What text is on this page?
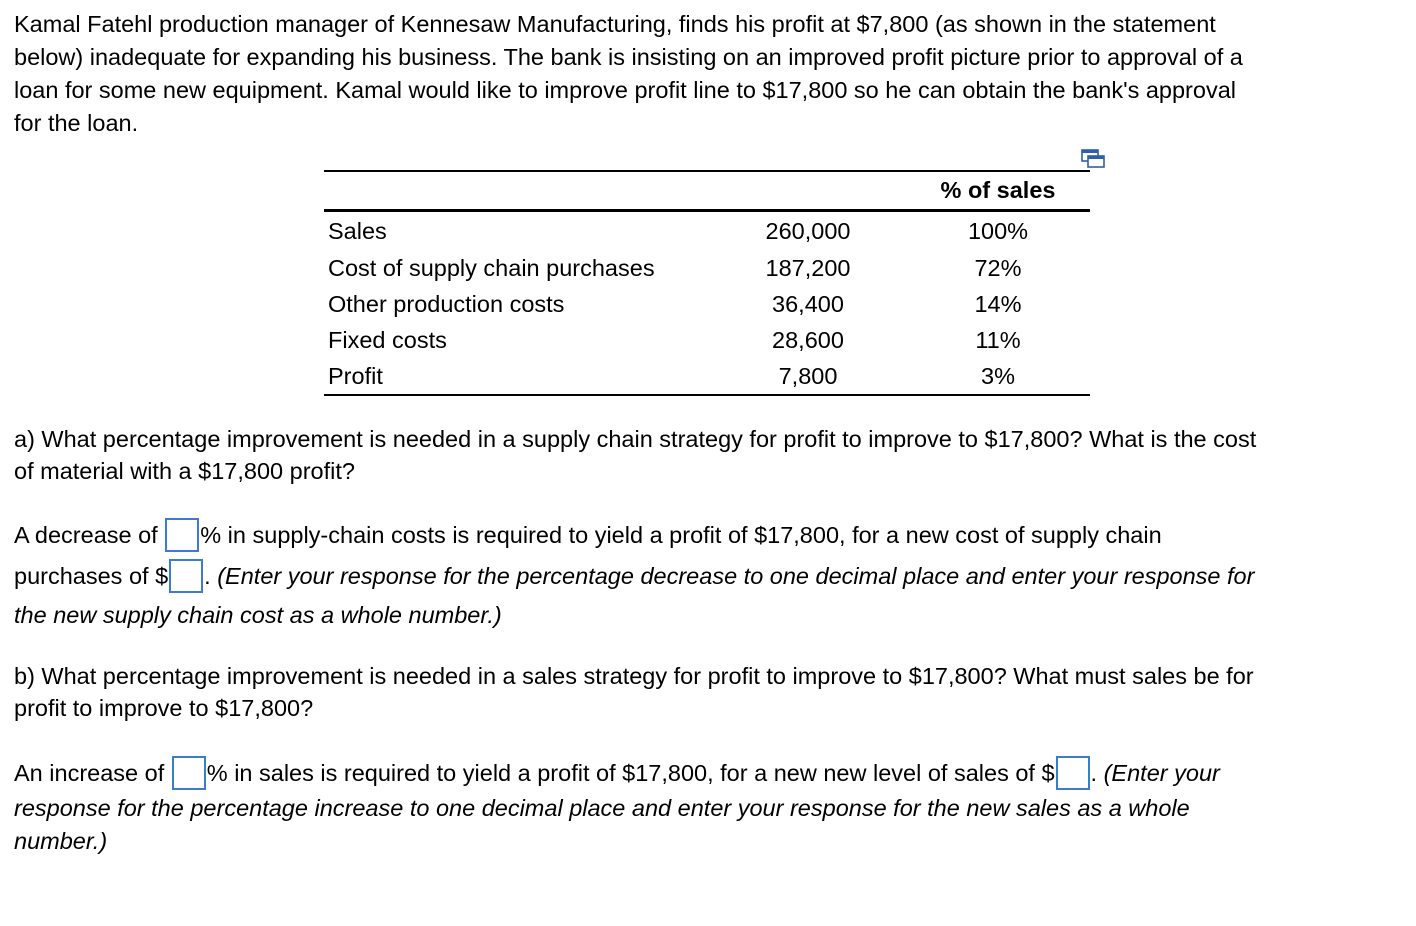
Kamal Fatehl production manager of Kennesaw Manufacturing, finds his profit at $7,800 (as shown in the statement
below) inadequate for expanding his business. The bank is insisting on an improved profit picture prior to approval of a
loan for some new equipment. Kamal would like to improve profit line to $17,800 so he can obtain the bank's approval
for the loan.
% of sales
Sales	260,000	100%
Cost of supply chain purchases	187,200	72%
Other production costs	36,400	14%
Fixed costs	28,600	11%
Profit	7,800	3%
a) What percentage improvement is needed in a supply chain strategy for profit to improve to $17,800? What is the cost
of material with a $17,800 profit?
A decrease of % in supply-chain costs is required to yield a profit of $17,800, for a new cost of supply chain
purchases of $ . (Enter your response for the percentage decrease to one decimal place and enter your response for
the new supply chain cost as a whole number.)
b) What percentage improvement is needed in a sales strategy for profit to improve to $17,800? What must sales be for
profit to improve to $17,800?
An increase of % in sales is required to yield a profit of $17,800, for a new new level of sales of $ . (Enter your
response for the percentage increase to one decimal place and enter your response for the new sales as a whole
number.)
